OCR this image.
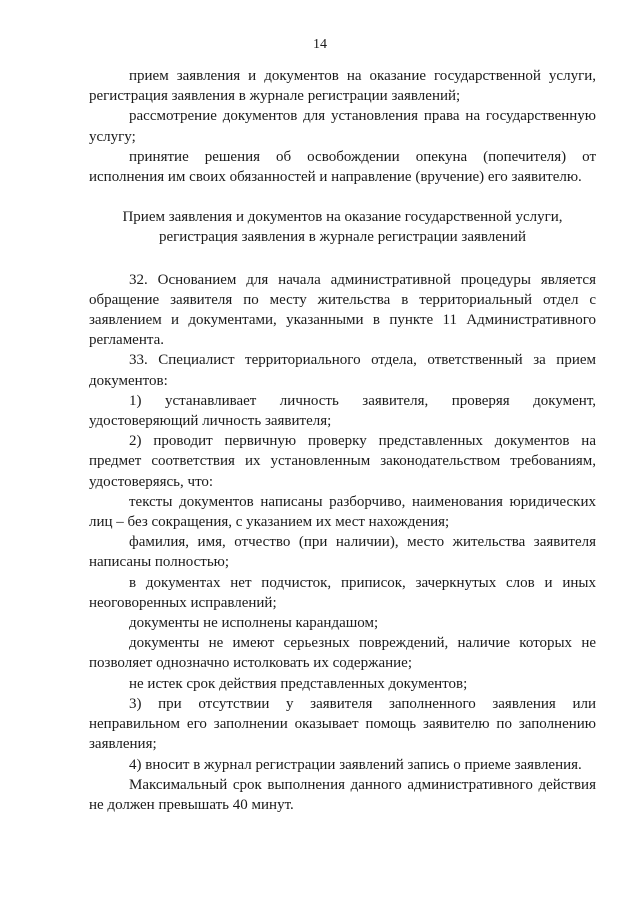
14

прием заявления и документов на оказание государственной услуги, регистрация заявления в журнале регистрации заявлений;

рассмотрение документов для установления права на государственную услугу;

принятие решения об освобождении опекуна (попечителя) от исполнения им своих обязанностей и направление (вручение) его заявителю.

Прием заявления и документов на оказание государственной услуги,
регистрация заявления в журнале регистрации заявлений

32. Основанием для начала административной процедуры является обращение заявителя по месту жительства в территориальный отдел с заявлением и документами, указанными в пункте 11 Административного регламента.

33. Специалист территориального отдела, ответственный за прием документов:

1) устанавливает личность заявителя, проверяя документ, удостоверяющий личность заявителя;

2) проводит первичную проверку представленных документов на предмет соответствия их установленным законодательством требованиям, удостоверяясь, что:

тексты документов написаны разборчиво, наименования юридических лиц – без сокращения, с указанием их мест нахождения;

фамилия, имя, отчество (при наличии), место жительства заявителя написаны полностью;

в документах нет подчисток, приписок, зачеркнутых слов и иных неоговоренных исправлений;

документы не исполнены карандашом;

документы не имеют серьезных повреждений, наличие которых не позволяет однозначно истолковать их содержание;

не истек срок действия представленных документов;

3) при отсутствии у заявителя заполненного заявления или неправильном его заполнении оказывает помощь заявителю по заполнению заявления;

4) вносит в журнал регистрации заявлений запись о приеме заявления.

Максимальный срок выполнения данного административного действия не должен превышать 40 минут.
